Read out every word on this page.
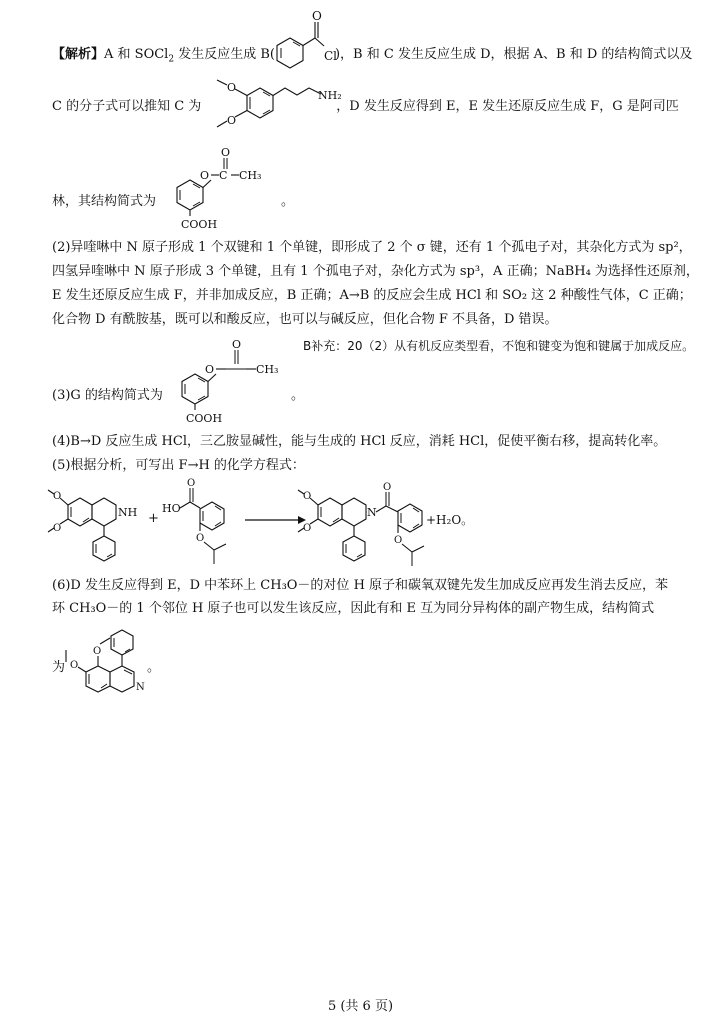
【解析】A 和 SOCl$_2$ 发生反应生成 B(	)，B 和 C 发生反应生成 D，根据 A、B 和 D 的结构简式以及
O
Cl
C 的分子式可以推知 C 为	，D 发生反应得到 E，E 发生还原反应生成 F，G 是阿司匹
O
O
NH₂
林，其结构简式为	。
O C
O
CH₃
COOH
(2)异喹啉中 N 原子形成 1 个双键和 1 个单键，即形成了 2 个 σ 键，还有 1 个孤电子对，其杂化方式为 sp²，
四氢异喹啉中 N 原子形成 3 个单键，且有 1 个孤电子对，杂化方式为 sp³，A 正确；NaBH₄ 为选择性还原剂，
E 发生还原反应生成 F，并非加成反应，B 正确；A→B 的反应会生成 HCl 和 SO₂ 这 2 种酸性气体，C 正确；
化合物 D 有酰胺基，既可以和酸反应，也可以与碱反应，但化合物 F 不具备，D 错误。
B补充：20（2）从有机反应类型看，不饱和键变为饱和键属于加成反应。
(3)G 的结构简式为	。
O
O
CH₃
COOH
(4)B→D 反应生成 HCl，三乙胺显碱性，能与生成的 HCl 反应，消耗 HCl，促使平衡右移，提高转化率。
(5)根据分析，可写出 F→H 的化学方程式：
O
O
NH +
HO
O
O
O
O
N
O
O
+H₂O。
(6)D 发生反应得到 E，D 中苯环上 CH₃O－的对位 H 原子和碳氧双键先发生加成反应再发生消去反应，苯
环 CH₃O－的 1 个邻位 H 原子也可以发生该反应，因此有和 E 互为同分异构体的副产物生成，结构简式
为	。
O
O
N
5 (共 6 页)
